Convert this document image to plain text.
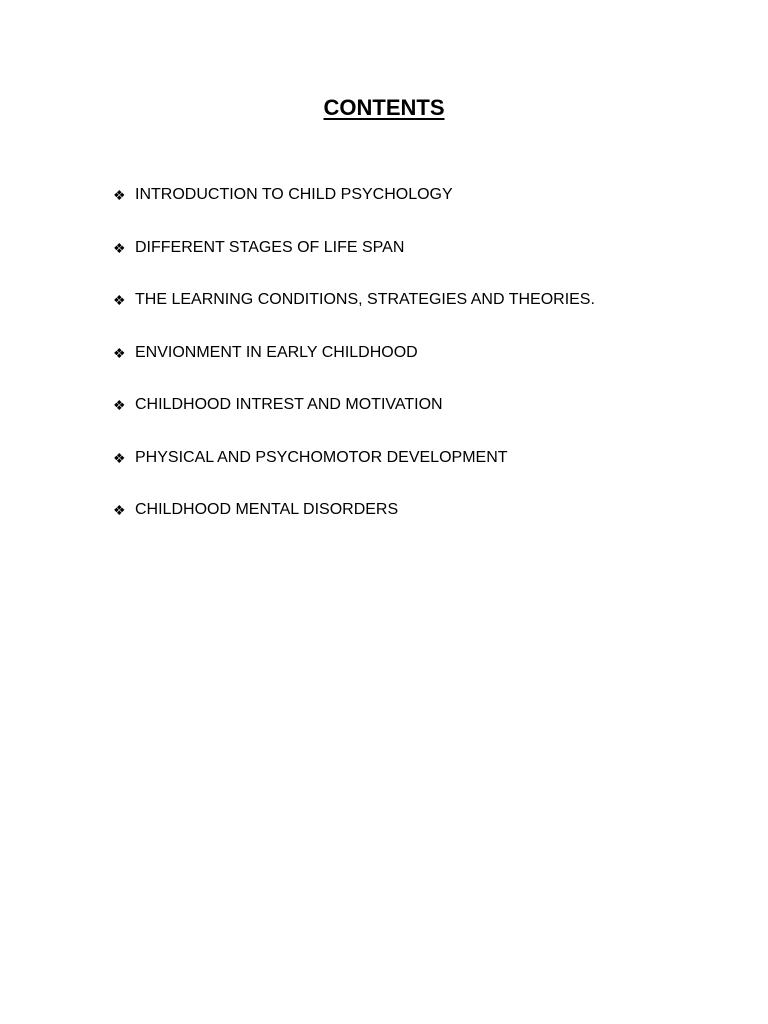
CONTENTS
❖ INTRODUCTION TO CHILD PSYCHOLOGY
❖ DIFFERENT STAGES OF LIFE SPAN
❖ THE LEARNING CONDITIONS, STRATEGIES AND THEORIES.
❖ ENVIONMENT IN EARLY CHILDHOOD
❖ CHILDHOOD INTREST AND MOTIVATION
❖ PHYSICAL AND PSYCHOMOTOR DEVELOPMENT
❖ CHILDHOOD MENTAL DISORDERS
